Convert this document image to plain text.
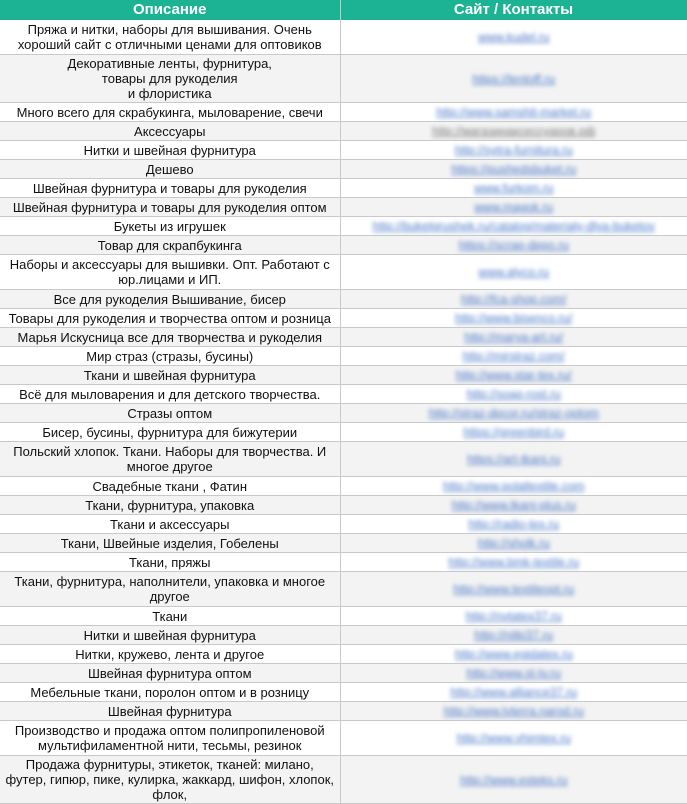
Описание	Сайт / Контакты
Пряжа и нитки, наборы для вышивания. Очень хороший сайт с отличными ценами для оптовиков	www.kudel.ru
Декоративные ленты, фурнитура,
товары для рукоделия
и флористика	https://lentoff.ru
Много всего для скрабукинга, мыловарение, свечи	http://www.samshit-market.ru
Аксессуары	http://магазинаксессуаров.рф
Нитки и швейная фурнитура	http://sytra-furnitura.ru
Дешево	https://pushedsbuket.ru
Швейная фурнитура и товары для рукоделия	www.furkom.ru
Швейная фурнитура и товары для рукоделия оптом	www.magok.ru
Букеты из игрушек	http://buketgrushek.ru/catalog/materialy-dlya-buketov
Товар для скрапбукинга	https://scrap-depo.ru
Наборы и аксессуары для вышивки. Опт. Работают с юр.лицами и ИП.	www.alyco.ru
Все для рукоделия Вышивание, бисер	http://fca-shop.com/
Товары для рукоделия и творчества оптом и розница	http://www.bisenco.ru/
Марья Искусница все для творчества и рукоделия	http://marya-art.ru/
Мир страз (стразы, бусины)	http://mirstraz.com/
Ткани и швейная фурнитура	http://www.star-tex.ru/
Всё для мыловарения и для детского творчества.	http://soap-rost.ru
Стразы оптом	http://straz-dpcor.ru/straz-optom
Бисер, бусины, фурнитура для бижутерии	https://greenbird.ru
Польский хлопок. Ткани. Наборы для творчества. И многое другое	https://art-tkani.ru
Свадебные ткани , Фатин	http://www.polaltextile.com
Ткани, фурнитура, упаковка	http://www.tkani-plus.ru
Ткани и аксессуары	http://radio-tex.ru
Ткани, Швейные изделия, Гобелены	http://sholk.ru
Ткани, пряжы	http://www.bmk-textile.ru
Ткани, фурнитура, наполнители, упаковка и многое другое	http://www.textileopt.ru
Ткани	http://nvtatex37.ru
Нитки и швейная фурнитура	http://nitki37.ru
Нитки, кружево, лента и другое	http://www.egidatex.ru
Швейная фурнитура оптом	http://www.st-tv.ru
Мебельные ткани, поролон оптом и в розницу	http://www.alliance37.ru
Швейная фурнитура	http://www.lvterra.narod.ru
Производство и продажа оптом полипропиленовой мультифиламентной нити, тесьмы, резинок	http://www.vhimtex.ru
Продажа фурнитуры, этикеток, тканей: милано, футер, гипюр, пике, кулирка, жаккард, шифон, хлопок, флок,	http://www.esteks.ru
